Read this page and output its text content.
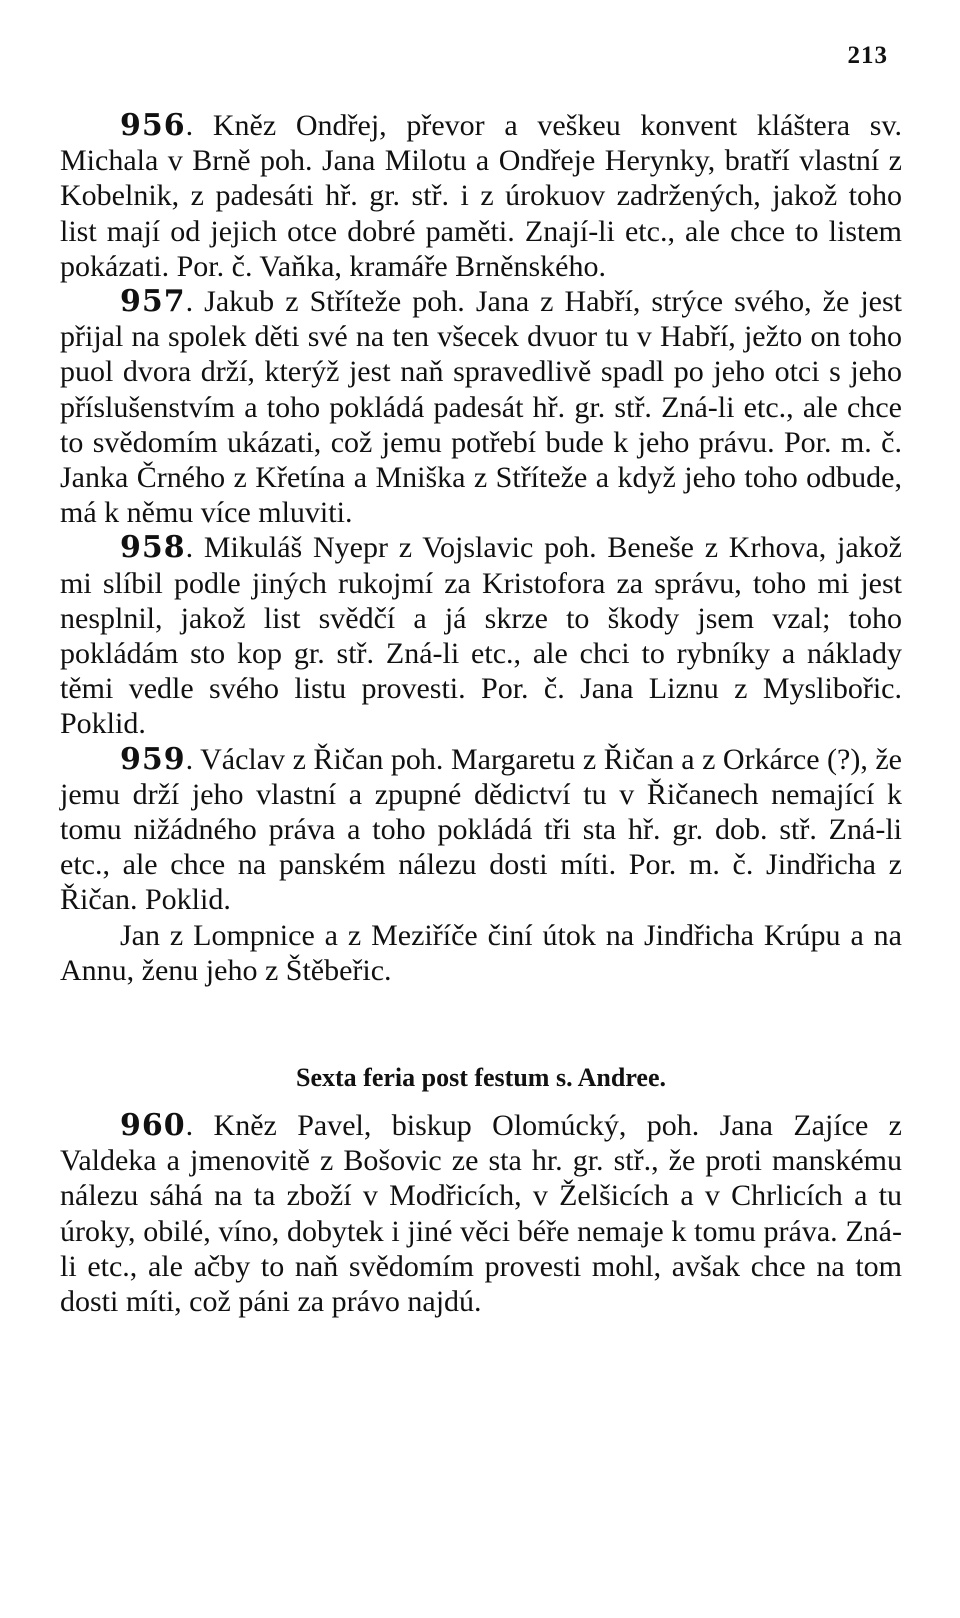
213

956. Kněz Ondřej, převor a veškeu konvent kláštera sv. Michala v Brně poh. Jana Milotu a Ondřeje Herynky, bratří vlastní z Kobelnik, z padesáti hř. gr. stř. i z úrokuov zadržených, jakož toho list mají od jejich otce dobré paměti. Znají-li etc., ale chce to listem pokázati. Por. č. Vaňka, kramáře Brněnského.

957. Jakub z Stříteže poh. Jana z Habří, strýce svého, že jest přijal na spolek děti své na ten všecek dvuor tu v Habří, ježto on toho puol dvora drží, kterýž jest naň spravedlivě spadl po jeho otci s jeho příslušenstvím a toho pokládá padesát hř. gr. stř. Zná-li etc., ale chce to svědomím ukázati, což jemu potřebí bude k jeho právu. Por. m. č. Janka Črného z Křetína a Mniška z Stříteže a když jeho toho odbude, má k němu více mluviti.

958. Mikuláš Nyepr z Vojslavic poh. Beneše z Krhova, jakož mi slíbil podle jiných rukojmí za Kristofora za správu, toho mi jest nesplnil, jakož list svědčí a já skrze to škody jsem vzal; toho pokládám sto kop gr. stř. Zná-li etc., ale chci to rybníky a náklady těmi vedle svého listu provesti. Por. č. Jana Liznu z Myslibořic. Poklid.

959. Václav z Řičan poh. Margaretu z Řičan a z Orkárce (?), že jemu drží jeho vlastní a zpupné dědictví tu v Řičanech nemající k tomu nižádného práva a toho pokládá tři sta hř. gr. dob. stř. Zná-li etc., ale chce na panském nálezu dosti míti. Por. m. č. Jindřicha z Řičan. Poklid.

Jan z Lompnice a z Meziříče činí útok na Jindřicha Krúpu a na Annu, ženu jeho z Štěbeřic.

Sexta feria post festum s. Andree.

960. Kněz Pavel, biskup Olomúcký, poh. Jana Zajíce z Valdeka a jmenovitě z Bošovic ze sta hr. gr. stř., že proti manskému nálezu sáhá na ta zboží v Modřicích, v Želšicích a v Chrlicích a tu úroky, obilé, víno, dobytek i jiné věci béře nemaje k tomu práva. Zná-li etc., ale ačby to naň svědomím provesti mohl, avšak chce na tom dosti míti, což páni za právo najdú.
